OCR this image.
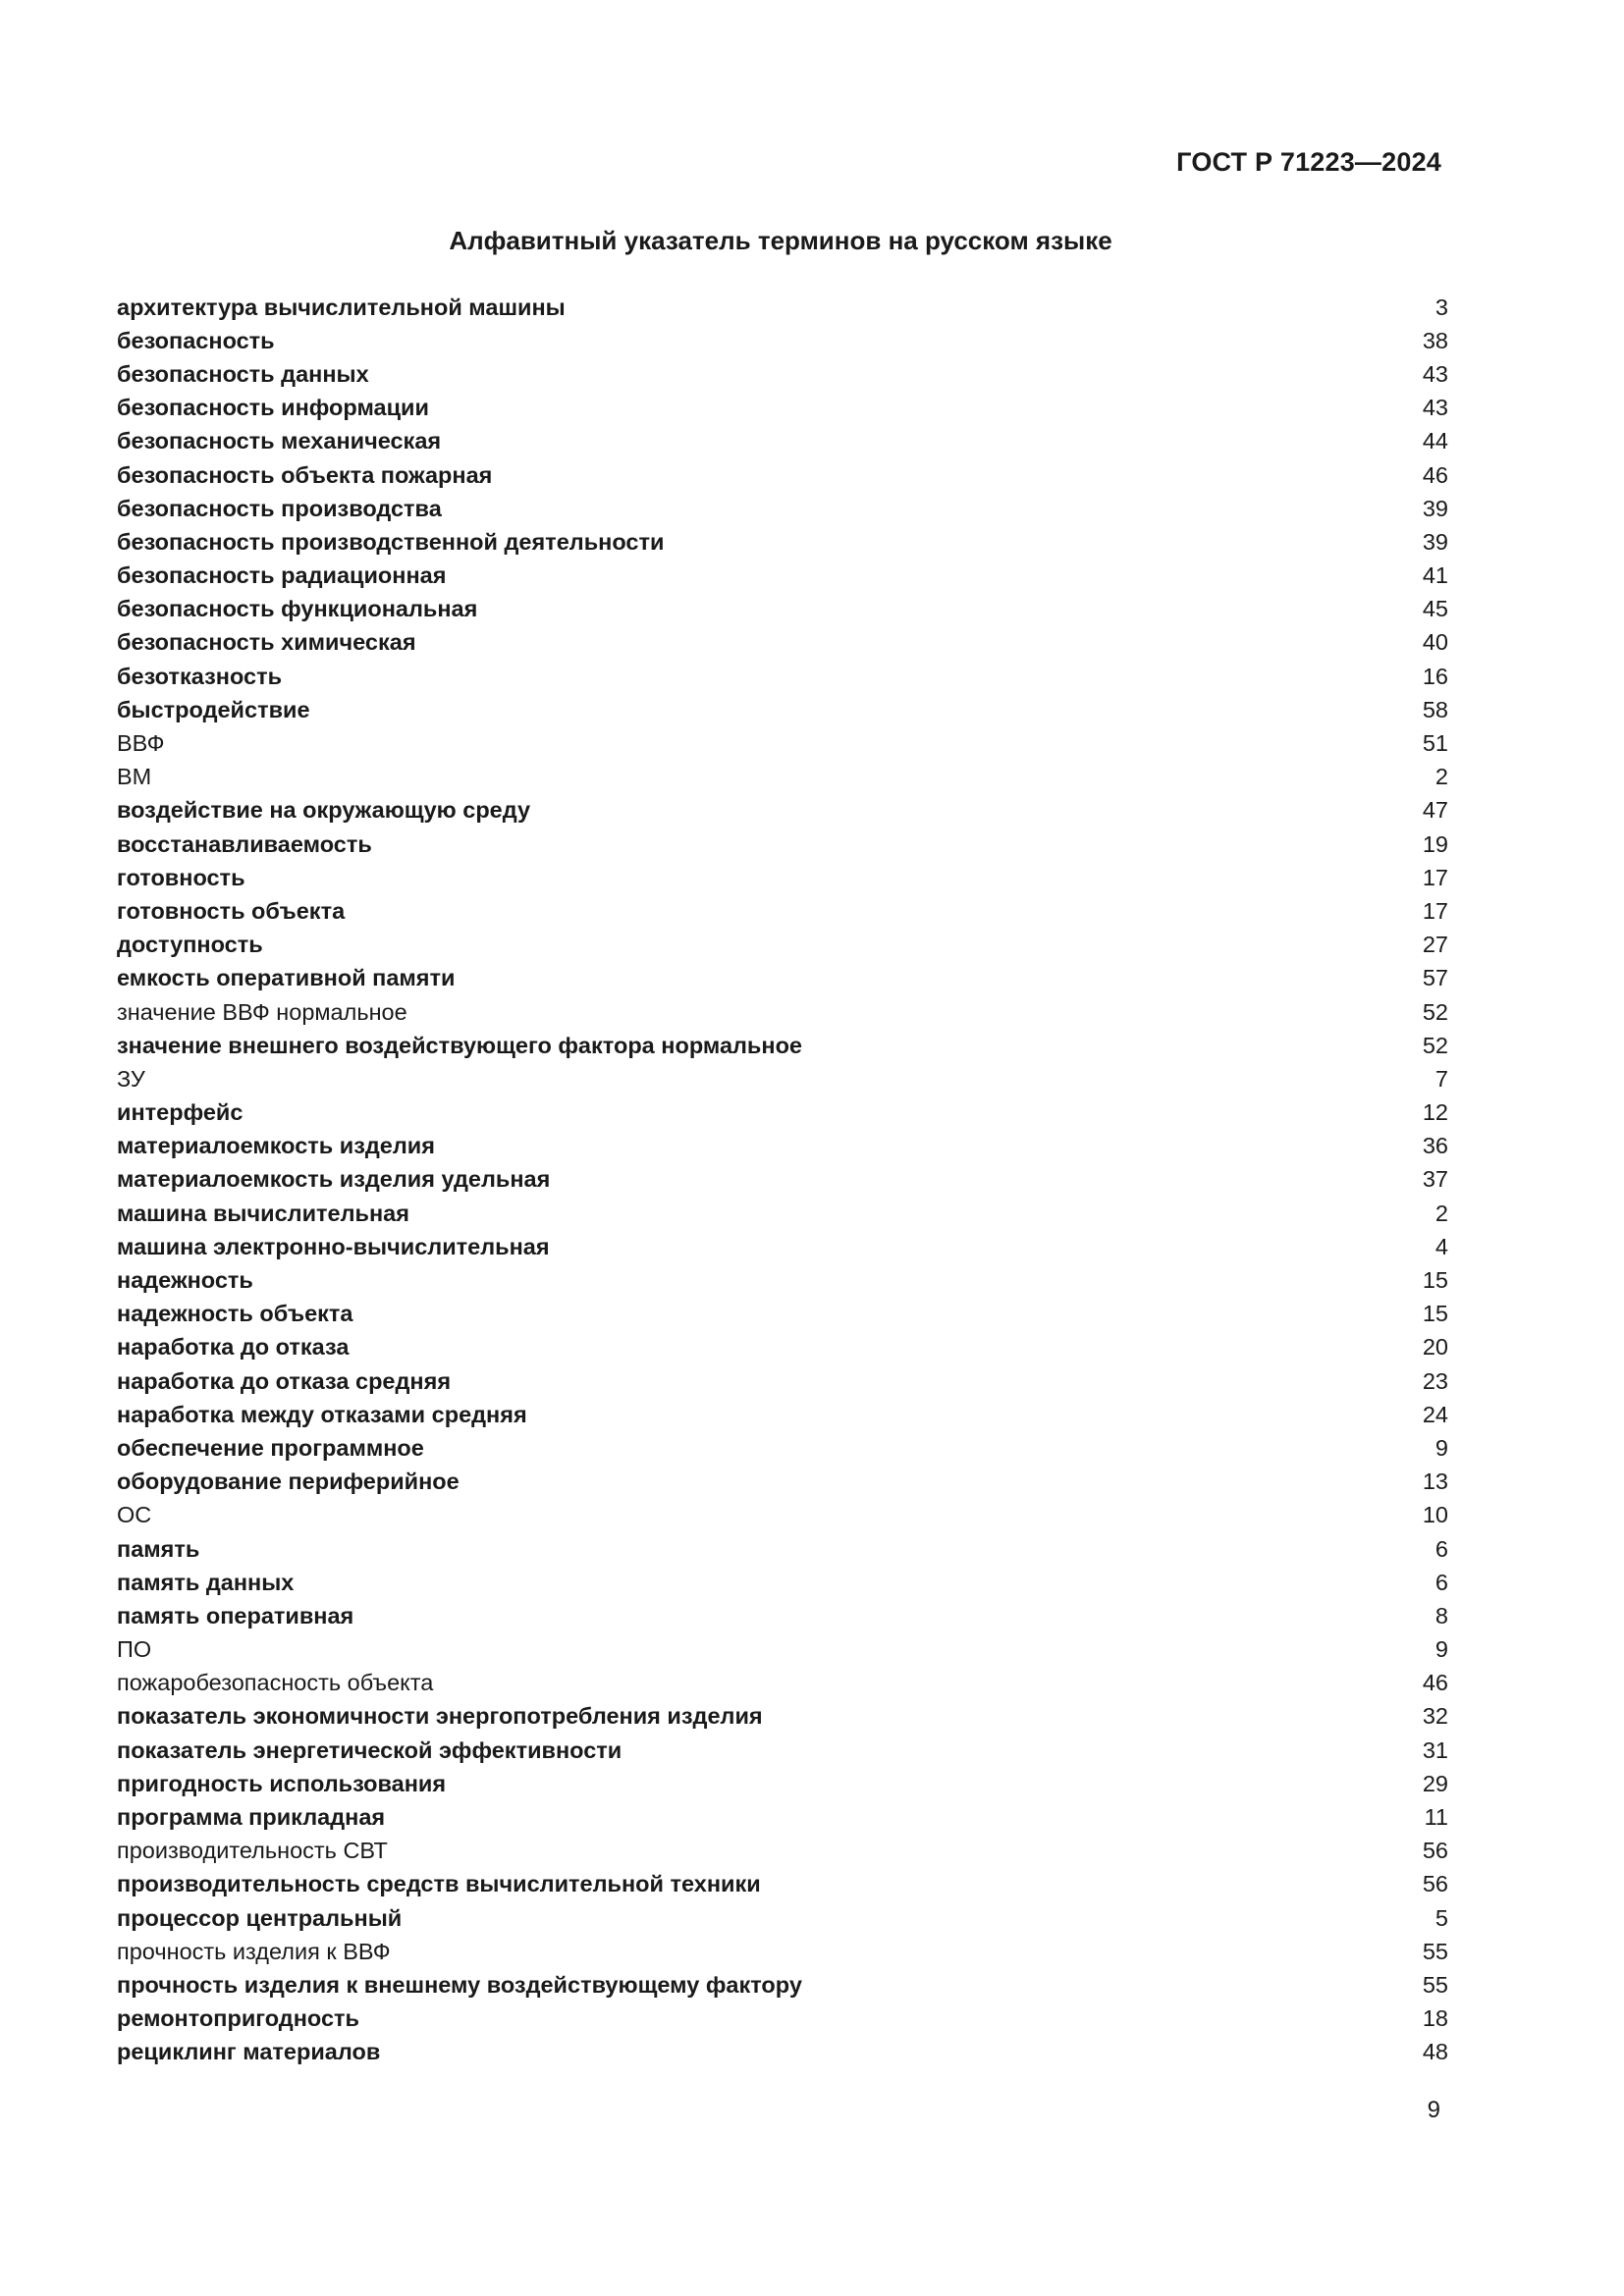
ГОСТ Р 71223—2024
Алфавитный указатель терминов на русском языке
архитектура вычислительной машины	3
безопасность	38
безопасность данных	43
безопасность информации	43
безопасность механическая	44
безопасность объекта пожарная	46
безопасность производства	39
безопасность производственной деятельности	39
безопасность радиационная	41
безопасность функциональная	45
безопасность химическая	40
безотказность	16
быстродействие	58
ВВФ	51
ВМ	2
воздействие на окружающую среду	47
восстанавливаемость	19
готовность	17
готовность объекта	17
доступность	27
емкость оперативной памяти	57
значение ВВФ нормальное	52
значение внешнего воздействующего фактора нормальное	52
ЗУ	7
интерфейс	12
материалоемкость изделия	36
материалоемкость изделия удельная	37
машина вычислительная	2
машина электронно-вычислительная	4
надежность	15
надежность объекта	15
наработка до отказа	20
наработка до отказа средняя	23
наработка между отказами средняя	24
обеспечение программное	9
оборудование периферийное	13
ОС	10
память	6
память данных	6
память оперативная	8
ПО	9
пожаробезопасность объекта	46
показатель экономичности энергопотребления изделия	32
показатель энергетической эффективности	31
пригодность использования	29
программа прикладная	11
производительность СВТ	56
производительность средств вычислительной техники	56
процессор центральный	5
прочность изделия к ВВФ	55
прочность изделия к внешнему воздействующему фактору	55
ремонтопригодность	18
рециклинг материалов	48
9
